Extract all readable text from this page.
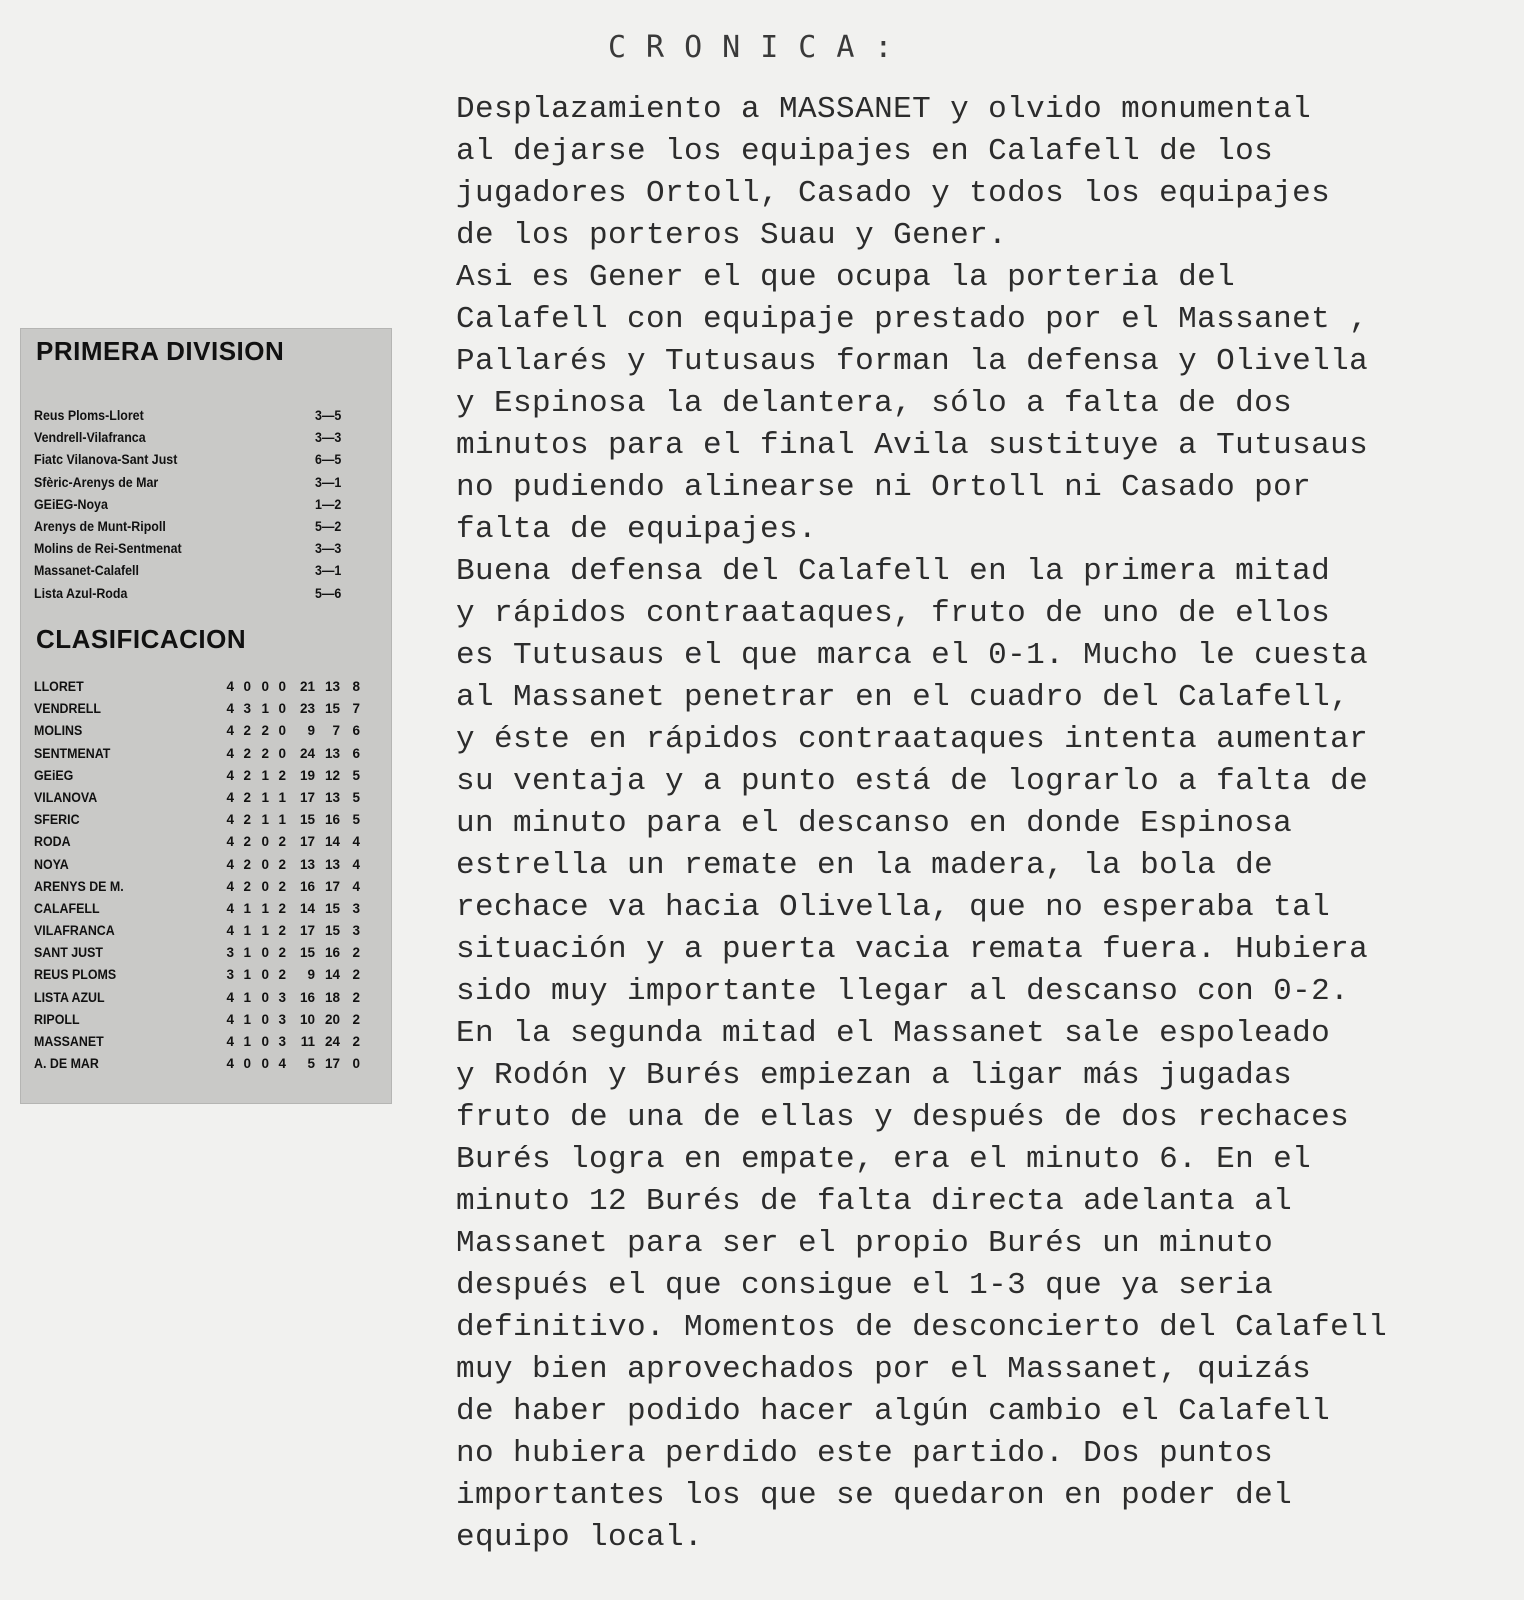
PRIMERA DIVISION
Reus Ploms-Lloret	3—5
Vendrell-Vilafranca	3—3
Fiatc Vilanova-Sant Just	6—5
Sfèric-Arenys de Mar	3—1
GEiEG-Noya	1—2
Arenys de Munt-Ripoll	5—2
Molins de Rei-Sentmenat	3—3
Massanet-Calafell	3—1
Lista Azul-Roda	5—6
CLASIFICACION
LLORET	4 0 0 0	21 13 8
VENDRELL	4 3 1 0	23 15 7
MOLINS	4 2 2 0	9	7 6
SENTMENAT	4 2 2 0	24 13 6
GEiEG	4 2 1 2	19 12 5
VILANOVA	4 2 1 1	17 13 5
SFERIC	4 2 1 1	15 16 5
RODA	4 2 0 2	17 14 4
NOYA	4 2 0 2	13 13 4
ARENYS DE M.	4 2 0 2	16 17 4
CALAFELL	4 1 1 2	14 15 3
VILAFRANCA	4 1 1 2	17 15 3
SANT JUST	3 1 0 2	15 16 2
REUS PLOMS	3 1 0 2	9 14 2
LISTA AZUL	4 1 0 3	16 18 2
RIPOLL	4 1 0 3	10 20 2
MASSANET	4 1 0 3	11 24 2
A. DE MAR	4 0 0 4	5 17 0
CRONICA:
Desplazamiento a MASSANET y olvido monumental
al dejarse los equipajes en Calafell de los
jugadores Ortoll, Casado y todos los equipajes
de los porteros Suau y Gener.
Asi es Gener el que ocupa la porteria del
Calafell con equipaje prestado por el Massanet ,
Pallarés y Tutusaus forman la defensa y Olivella
y Espinosa la delantera, sólo a falta de dos
minutos para el final Avila sustituye a Tutusaus
no pudiendo alinearse ni Ortoll ni Casado por
falta de equipajes.
Buena defensa del Calafell en la primera mitad
y rápidos contraataques, fruto de uno de ellos
es Tutusaus el que marca el 0-1. Mucho le cuesta
al Massanet penetrar en el cuadro del Calafell,
y éste en rápidos contraataques intenta aumentar
su ventaja y a punto está de lograrlo a falta de
un minuto para el descanso en donde Espinosa
estrella un remate en la madera, la bola de
rechace va hacia Olivella, que no esperaba tal
situación y a puerta vacia remata fuera. Hubiera
sido muy importante llegar al descanso con 0-2.
En la segunda mitad el Massanet sale espoleado
y Rodón y Burés empiezan a ligar más jugadas
fruto de una de ellas y después de dos rechaces
Burés logra en empate, era el minuto 6. En el
minuto 12 Burés de falta directa adelanta al
Massanet para ser el propio Burés un minuto
después el que consigue el 1-3 que ya seria
definitivo. Momentos de desconcierto del Calafell
muy bien aprovechados por el Massanet, quizás
de haber podido hacer algún cambio el Calafell
no hubiera perdido este partido. Dos puntos
importantes los que se quedaron en poder del
equipo local.
